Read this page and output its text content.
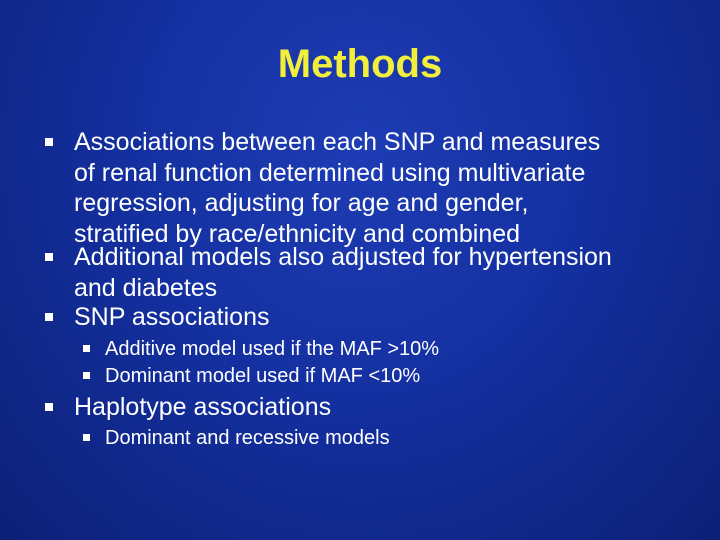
Methods
Associations between each SNP and measures
of renal function determined using multivariate
regression, adjusting for age and gender,
stratified by race/ethnicity and combined
Additional models also adjusted for hypertension
and diabetes
SNP associations
Additive model used if the MAF >10%
Dominant model used if MAF <10%
Haplotype associations
Dominant and recessive models
